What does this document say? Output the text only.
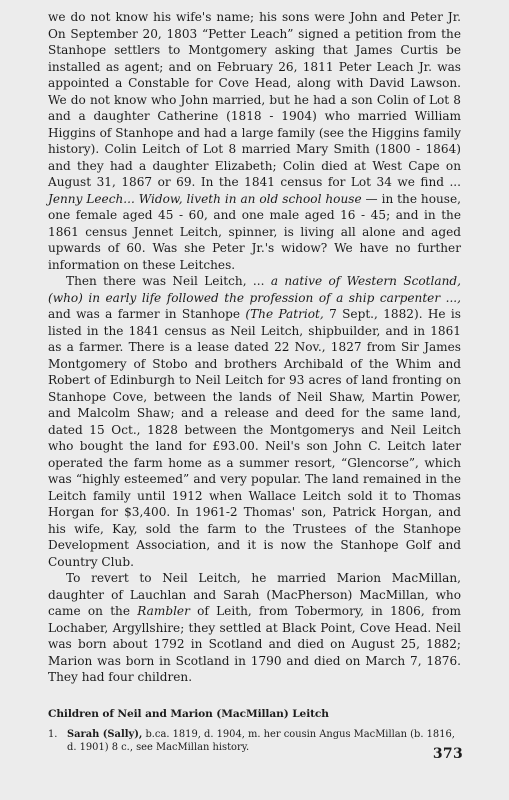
we do not know his wife's name; his sons were John and Peter Jr. On September 20, 1803 “Petter Leach” signed a petition from the Stanhope settlers to Montgomery asking that James Curtis be installed as agent; and on February 26, 1811 Peter Leach Jr. was appointed a Constable for Cove Head, along with David Lawson. We do not know who John married, but he had a son Colin of Lot 8 and a daughter Catherine (1818 - 1904) who married William Higgins of Stanhope and had a large family (see the Higgins family history). Colin Leitch of Lot 8 married Mary Smith (1800 - 1864) and they had a daughter Elizabeth; Colin died at West Cape on August 31, 1867 or 69. In the 1841 census for Lot 34 we find ... Jenny Leech... Widow, liveth in an old school house — in the house, one female aged 45 - 60, and one male aged 16 - 45; and in the 1861 census Jennet Leitch, spinner, is living all alone and aged upwards of 60. Was she Peter Jr.'s widow? We have no further information on these Leitches.

Then there was Neil Leitch, ... a native of Western Scotland, (who) in early life followed the profession of a ship carpenter ..., and was a farmer in Stanhope (The Patriot, 7 Sept., 1882). He is listed in the 1841 census as Neil Leitch, shipbuilder, and in 1861 as a farmer. There is a lease dated 22 Nov., 1827 from Sir James Montgomery of Stobo and brothers Archibald of the Whim and Robert of Edinburgh to Neil Leitch for 93 acres of land fronting on Stanhope Cove, between the lands of Neil Shaw, Martin Power, and Malcolm Shaw; and a release and deed for the same land, dated 15 Oct., 1828 between the Montgomerys and Neil Leitch who bought the land for £93.00. Neil's son John C. Leitch later operated the farm home as a summer resort, “Glencorse”, which was “highly esteemed” and very popular. The land remained in the Leitch family until 1912 when Wallace Leitch sold it to Thomas Horgan for $3,400. In 1961-2 Thomas' son, Patrick Horgan, and his wife, Kay, sold the farm to the Trustees of the Stanhope Development Association, and it is now the Stanhope Golf and Country Club.

To revert to Neil Leitch, he married Marion MacMillan, daughter of Lauchlan and Sarah (MacPherson) MacMillan, who came on the Rambler of Leith, from Tobermory, in 1806, from Lochaber, Argyllshire; they settled at Black Point, Cove Head. Neil was born about 1792 in Scotland and died on August 25, 1882; Marion was born in Scotland in 1790 and died on March 7, 1876. They had four children.

Children of Neil and Marion (MacMillan) Leitch
1. Sarah (Sally), b.ca. 1819, d. 1904, m. her cousin Angus MacMillan (b. 1816, d. 1901) 8 c., see MacMillan history.	373
